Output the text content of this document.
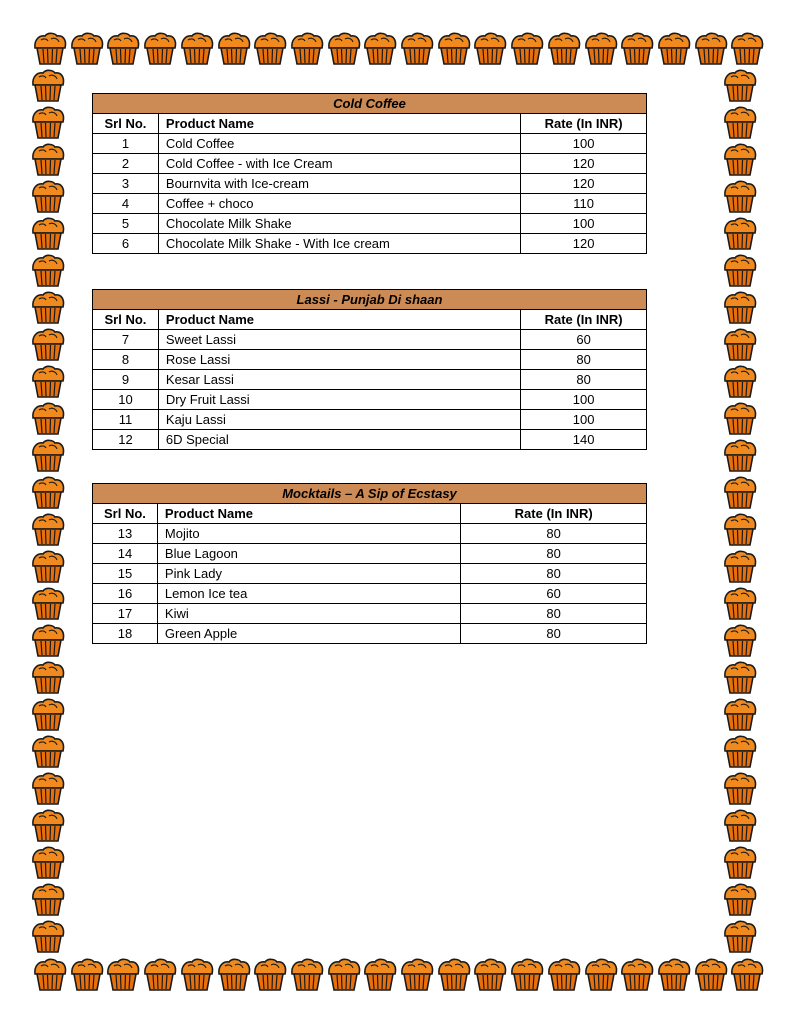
Cold Coffee		
Srl No.	Product Name	Rate (In INR)
1	Cold Coffee	100
2	Cold Coffee - with Ice Cream	120
3	Bournvita with Ice-cream	120
4	Coffee + choco	110
5	Chocolate Milk Shake	100
6	Chocolate Milk Shake - With Ice cream	120
Lassi - Punjab Di shaan		
Srl No.	Product Name	Rate (In INR)
7	Sweet Lassi	60
8	Rose Lassi	80
9	Kesar Lassi	80
10	Dry Fruit Lassi	100
11	Kaju Lassi	100
12	6D Special	140
Mocktails – A Sip of Ecstasy		
Srl No.	Product Name	Rate (In INR)
13	Mojito	80
14	Blue Lagoon	80
15	Pink Lady	80
16	Lemon Ice tea	60
17	Kiwi	80
18	Green Apple	80
